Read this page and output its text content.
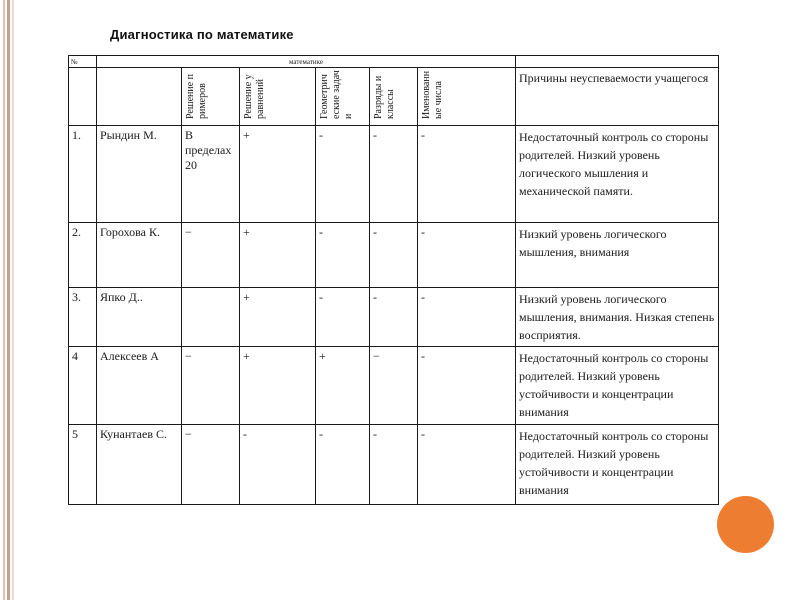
Диагностика по математике
№	математике						
		Решение примеров	Решение уравнений	Геометрические задачи	Разряды и классы	Именованные числа	Причины неуспеваемости учащегося
1.	Рындин М.	В пределах 20	+	-	-	-	Недостаточный контроль со стороны родителей. Низкий уровень логического мышления и механической памяти.
2.	Горохова К.	−	+	-	-	-	Низкий уровень логического мышления, внимания
3.	Япко Д..		+	-	-	-	Низкий уровень логического мышления, внимания. Низкая степень восприятия.
4	Алексеев А	−	+	+	−	-	Недостаточный контроль со стороны родителей. Низкий уровень устойчивости и концентрации внимания
5	Кунантаев С.	−	-	-	-	-	Недостаточный контроль со стороны родителей. Низкий уровень устойчивости и концентрации внимания
